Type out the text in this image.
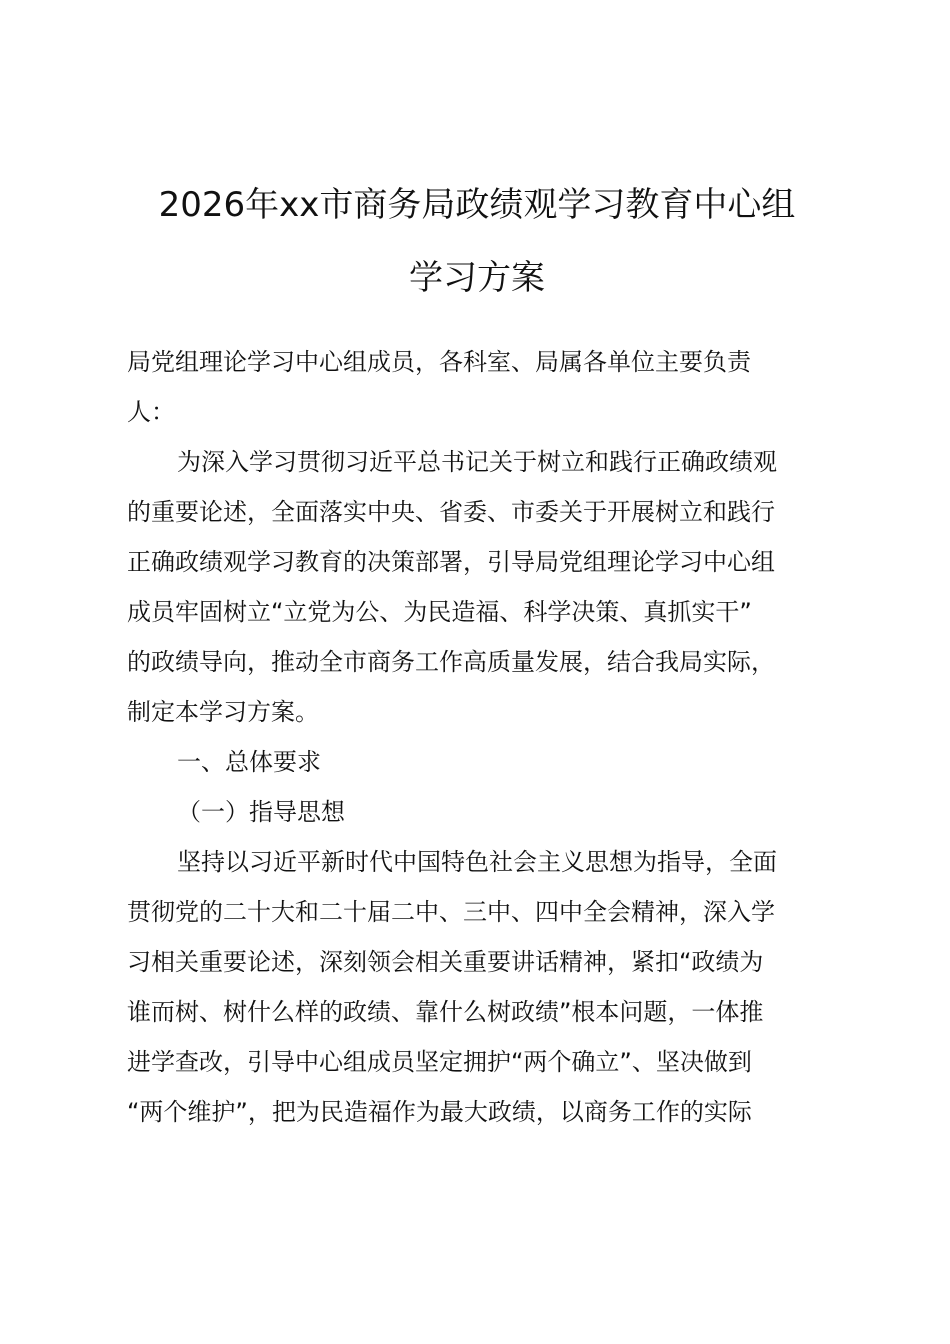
2026年xx市商务局政绩观学习教育中心组
学习方案
局党组理论学习中心组成员，各科室、局属各单位主要负责
人：
为深入学习贯彻习近平总书记关于树立和践行正确政绩观
的重要论述，全面落实中央、省委、市委关于开展树立和践行
正确政绩观学习教育的决策部署，引导局党组理论学习中心组
成员牢固树立“立党为公、为民造福、科学决策、真抓实干”
的政绩导向，推动全市商务工作高质量发展，结合我局实际，
制定本学习方案。
一、总体要求
（一）指导思想
坚持以习近平新时代中国特色社会主义思想为指导，全面
贯彻党的二十大和二十届二中、三中、四中全会精神，深入学
习相关重要论述，深刻领会相关重要讲话精神，紧扣“政绩为
谁而树、树什么样的政绩、靠什么树政绩”根本问题，一体推
进学查改，引导中心组成员坚定拥护“两个确立”、坚决做到
“两个维护”，把为民造福作为最大政绩，以商务工作的实际
